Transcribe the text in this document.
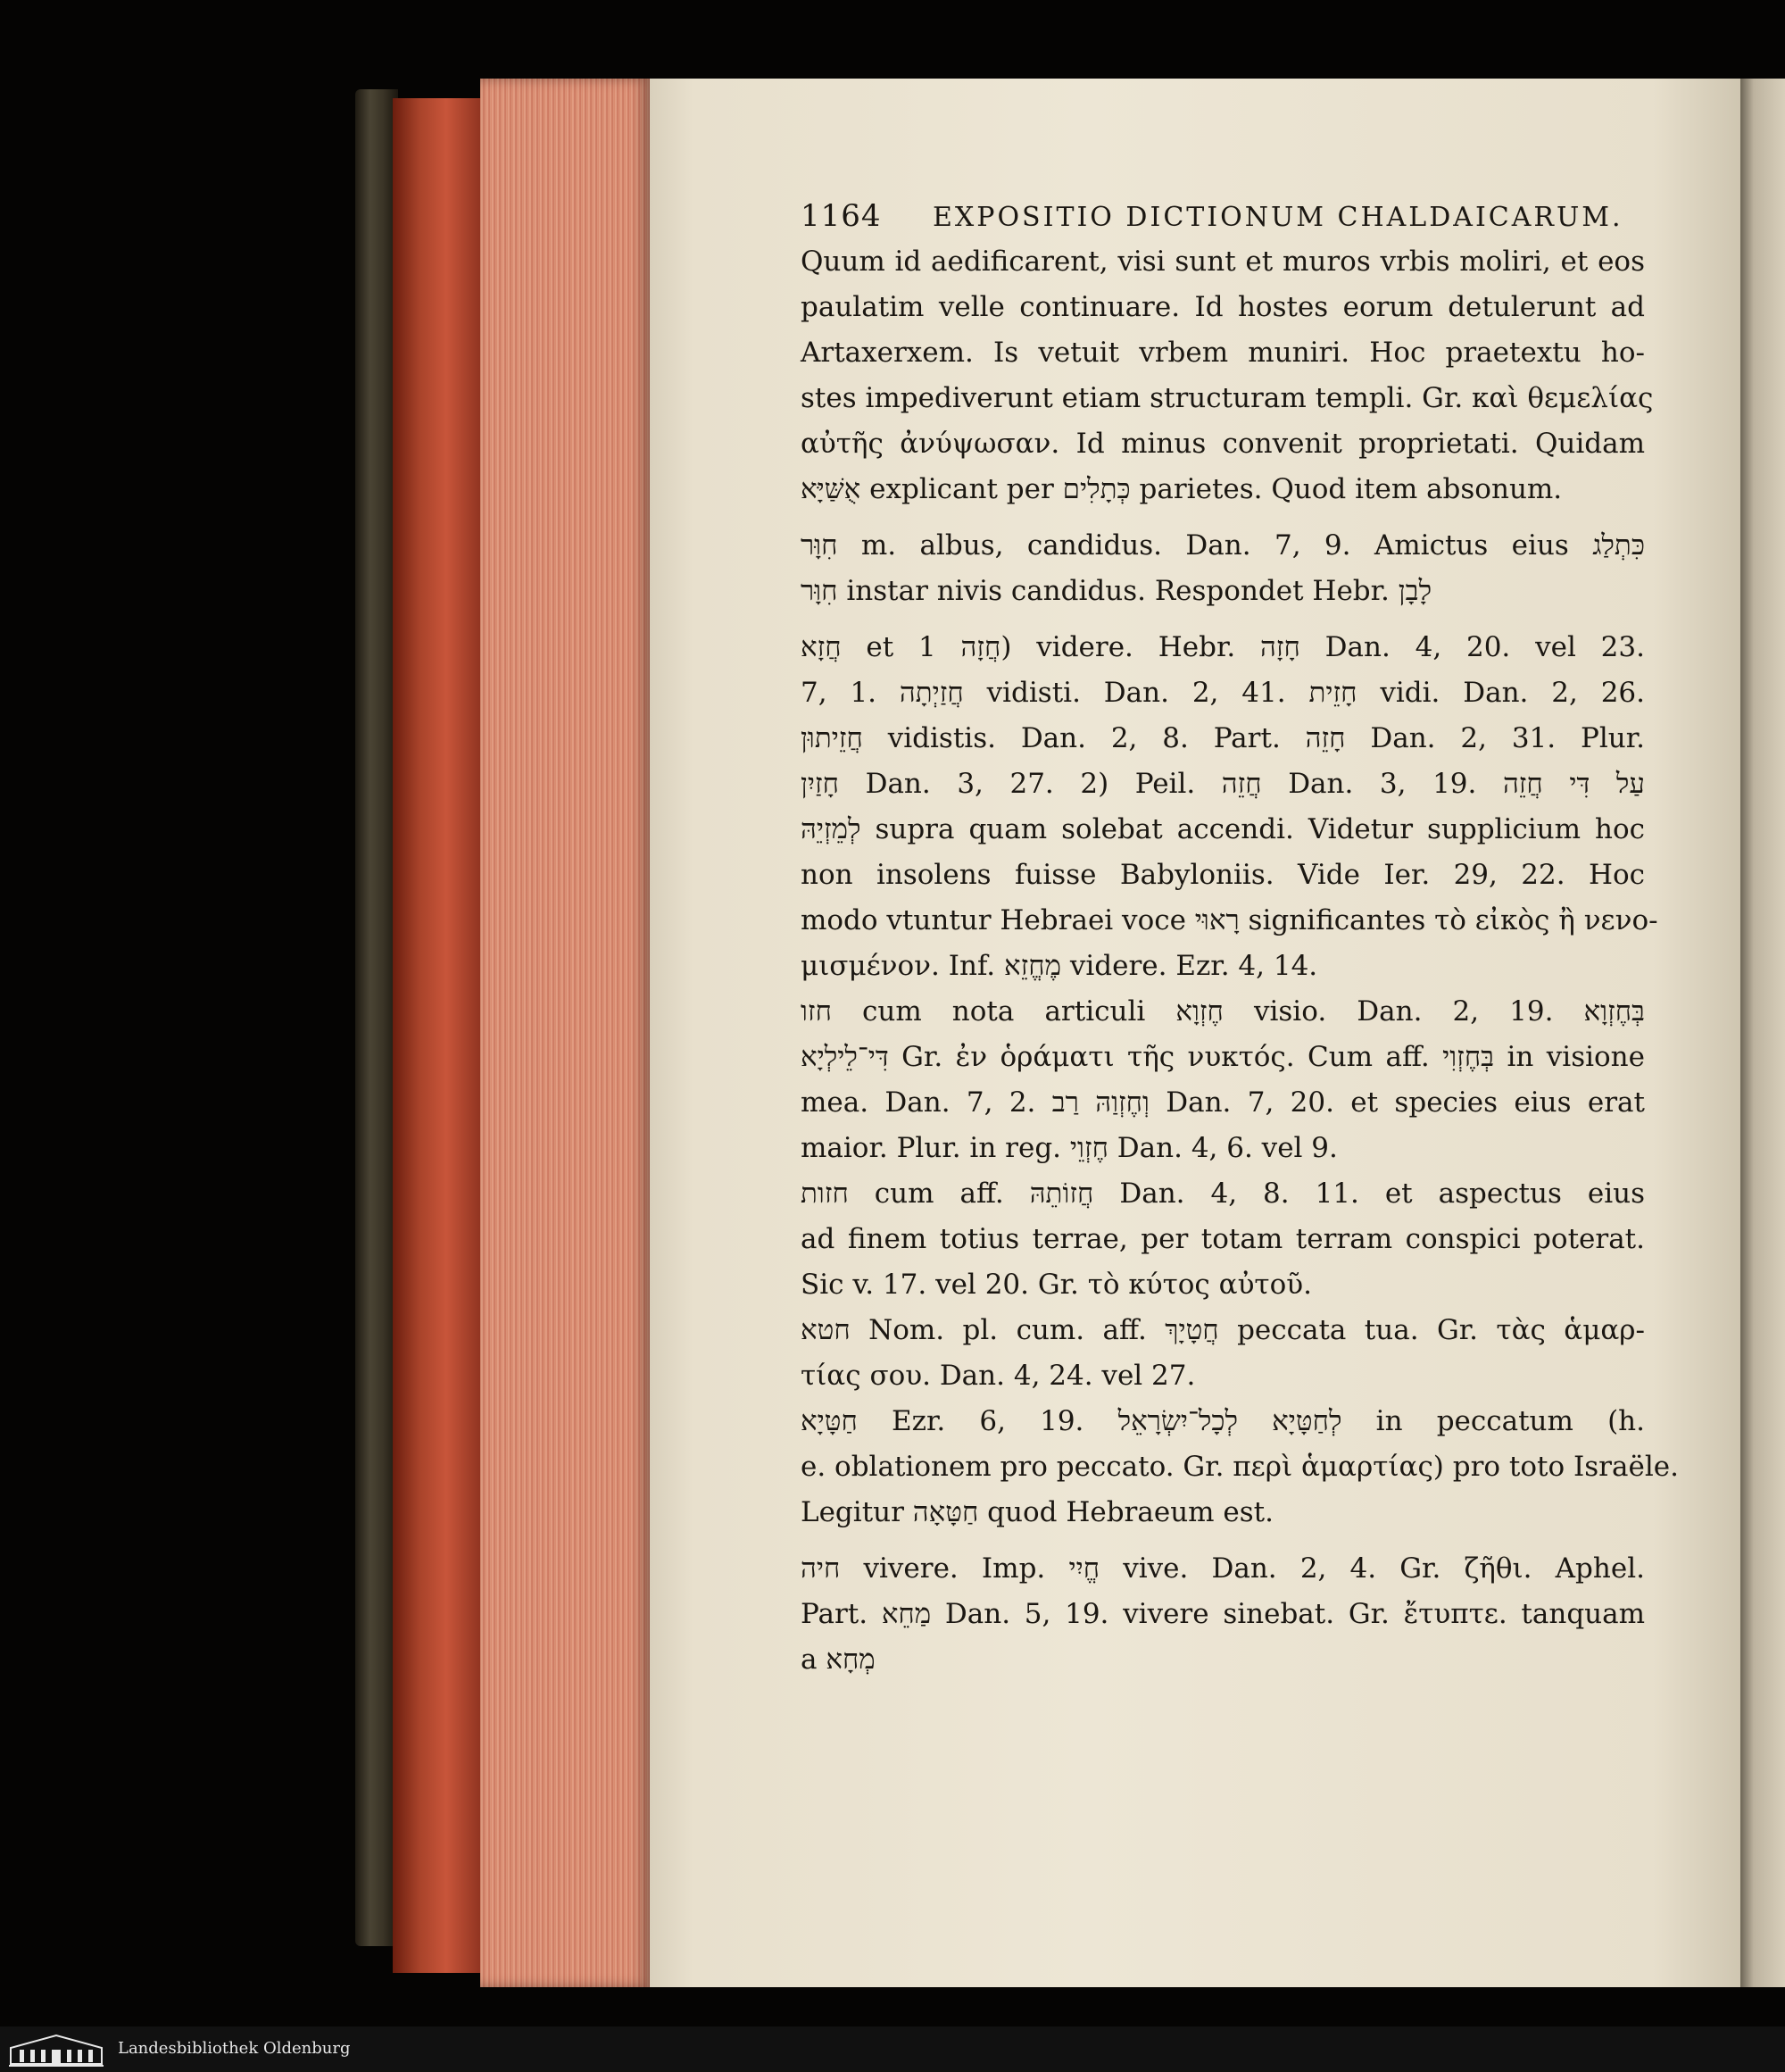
1164 EXPOSITIO DICTIONUM CHALDAICARUM.
Quum id aedificarent, visi sunt et muros vrbis moliri, et eos
paulatim velle continuare. Id hostes eorum detulerunt ad
Artaxerxem. Is vetuit vrbem muniri. Hoc praetextu ho-
stes impediverunt etiam structuram templi. Gr. καὶ θεμελίας
αὐτῆς ἀνύψωσαν. Id minus convenit proprietati. Quidam
אֻשַּׁיָּא explicant per כְּתָלִים parietes. Quod item absonum.
חִוָּר m. albus, candidus. Dan. 7, 9. Amictus eius כִּתְלַג
חִוָּר instar nivis candidus. Respondet Hebr. לָבָן
חֲזָא et חֲזָה 1) videre. Hebr. חָזָה Dan. 4, 20. vel 23.
7, 1. חֲזַיְתָה vidisti. Dan. 2, 41. חָזֵית vidi. Dan. 2, 26.
חֲזֵיתוּן vidistis. Dan. 2, 8. Part. חָזֵה Dan. 2, 31. Plur.
חָזַיִן Dan. 3, 27. 2) Peil. חֲזֵה Dan. 3, 19. עַל דִּי חֲזֵה
לְמֵזְיֵהּ supra quam solebat accendi. Videtur supplicium hoc
non insolens fuisse Babyloniis. Vide Ier. 29, 22. Hoc
modo vtuntur Hebraei voce רָאוּי significantes τὸ εἰκὸς ἢ νενο-
μισμένον. Inf. מֶחֱזֵא videre. Ezr. 4, 14.
חזו cum nota articuli חֶזְוָא visio. Dan. 2, 19. בְּחֶזְוָא
דִּי־לֵילְיָא Gr. ἐν ὁράματι τῆς νυκτός. Cum aff. בְּחֶזְוִי in visione
mea. Dan. 7, 2. וְחֶזְוַהּ רַב Dan. 7, 20. et species eius erat
maior. Plur. in reg. חֶזְוֵי Dan. 4, 6. vel 9.
חזות cum aff. חֲזוֹתֵהּ Dan. 4, 8. 11. et aspectus eius
ad finem totius terrae, per totam terram conspici poterat.
Sic v. 17. vel 20. Gr. τὸ κύτος αὐτοῦ.
חטא Nom. pl. cum. aff. חֲטָיָךְ peccata tua. Gr. τὰς ἁμαρ-
τίας σου. Dan. 4, 24. vel 27.
חַטָּיָא Ezr. 6, 19. לְחַטָּיָא לְכָל־יִשְׂרָאֵל in peccatum (h.
e. oblationem pro peccato. Gr. περὶ ἁμαρτίας) pro toto Israële.
Legitur חַטָּאָה quod Hebraeum est.
חיה vivere. Imp. חֱיִי vive. Dan. 2, 4. Gr. ζῆθι. Aphel.
Part. מַחֵא Dan. 5, 19. vivere sinebat. Gr. ἔτυπτε. tanquam
a מְחָא
Landesbibliothek Oldenburg
